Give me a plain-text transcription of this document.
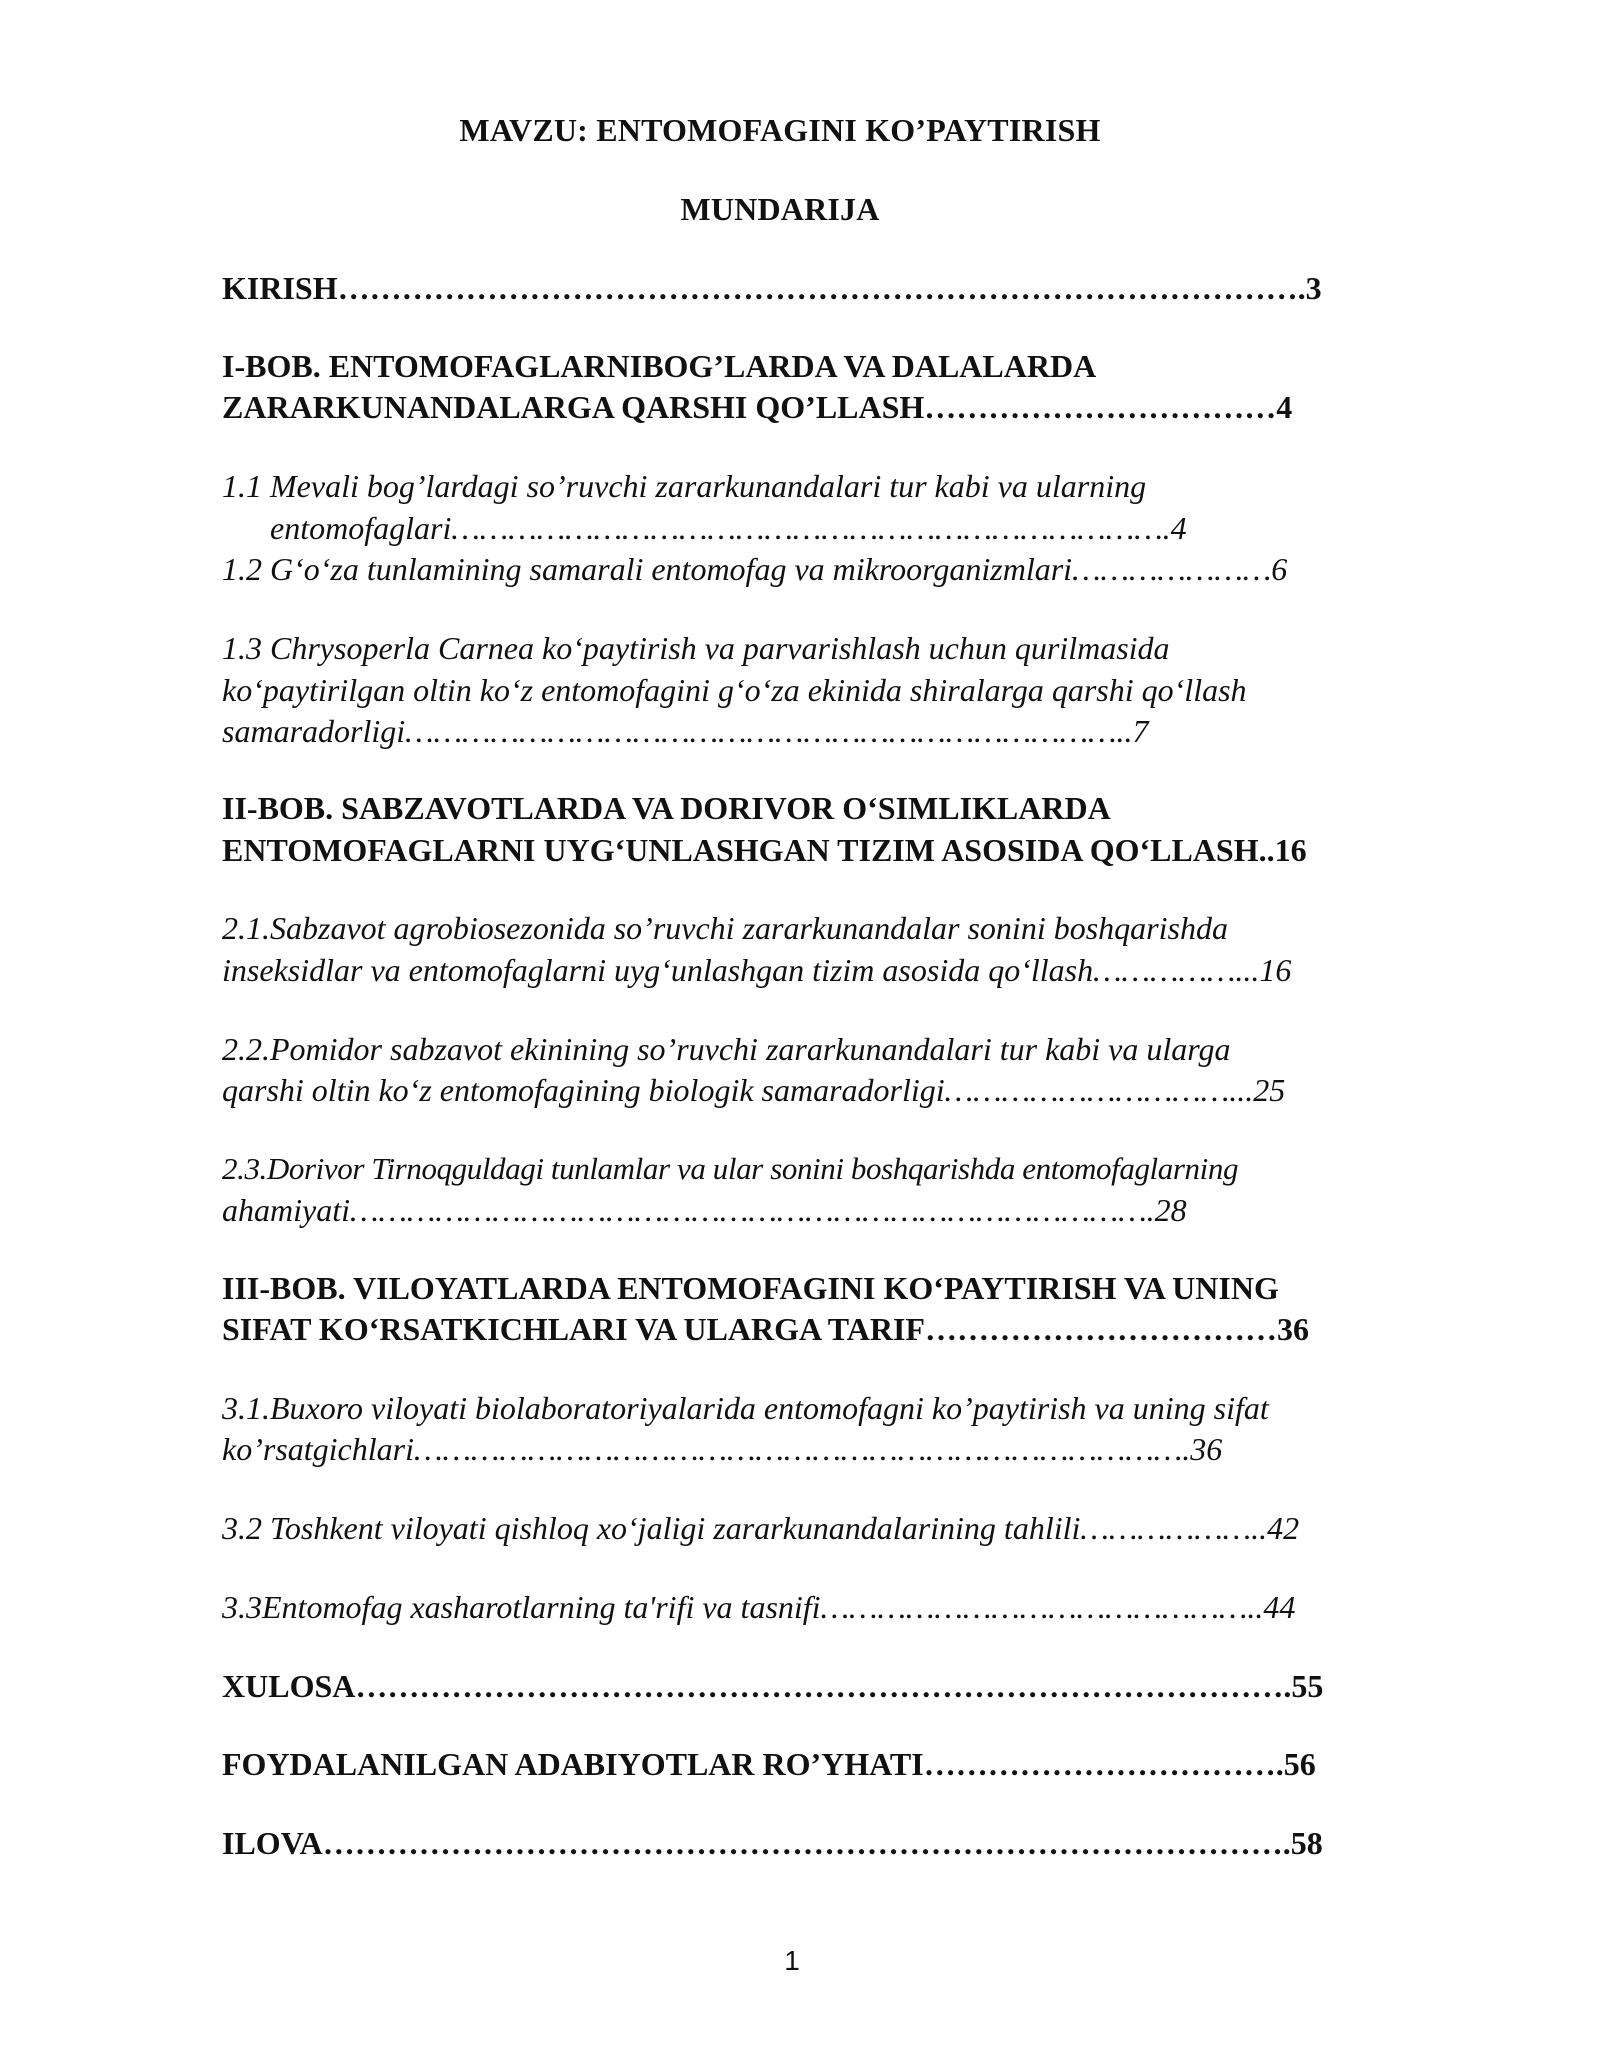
MAVZU: ENTOMOFAGINI KO’PAYTIRISH
MUNDARIJA
KIRISH……………………………………………………………………………….3
I-BOB. ENTOMOFAGLARNIBOG’LARDA VA DALALARDA
ZARARKUNANDALARGA QARSHI QO’LLASH……………………………4
1.1 Mevali bog’lardagi so’ruvchi zararkunandalari tur kabi va ularning
entomofaglari………………………………………………………………….4
1.2 G‘o‘za tunlamining samarali entomofag va mikroorganizmlari…………………6
1.3 Chrysoperla Carnea ko‘paytirish va parvarishlash uchun qurilmasida
ko‘paytirilgan oltin ko‘z entomofagini g‘o‘za ekinida shiralarga qarshi qo‘llash
samaradorligi…………………………………………………………………..7
II-BOB. SABZAVOTLARDA VA DORIVOR O‘SIMLIKLARDA
ENTOMOFAGLARNI UYG‘UNLASHGAN TIZIM ASOSIDA QO‘LLASH..16
2.1.Sabzavot agrobiosezonida so’ruvchi zararkunandalar sonini boshqarishda
inseksidlar va entomofaglarni uyg‘unlashgan tizim asosida qo‘llash……………...16
2.2.Pomidor sabzavot ekinining so’ruvchi zararkunandalari tur kabi va ularga
qarshi oltin ko‘z entomofagining biologik samaradorligi…………………………...25
2.3.Dorivor Tirnoqguldagi tunlamlar va ular sonini boshqarishda entomofaglarning
ahamiyati………………………………………………………………………….28
III-BOB. VILOYATLARDA ENTOMOFAGINI KO‘PAYTIRISH VA UNING
SIFAT KO‘RSATKICHLARI VA ULARGA TARIF……………………………36
3.1.Buxoro viloyati biolaboratoriyalarida entomofagni ko’paytirish va uning sifat
ko’rsatgichlari……………………………………………………………………….36
3.2 Toshkent viloyati qishloq xo‘jaligi zararkunandalarining tahlili………………..42
3.3Entomofag xasharotlarning ta'rifi va tasnifi………………………………………..44
XULOSA…………………………………………………………………………….55
FOYDALANILGAN ADABIYOTLAR RO’YHATI…………………………….56
ILOVA……………………………………………………………………………….58
1
